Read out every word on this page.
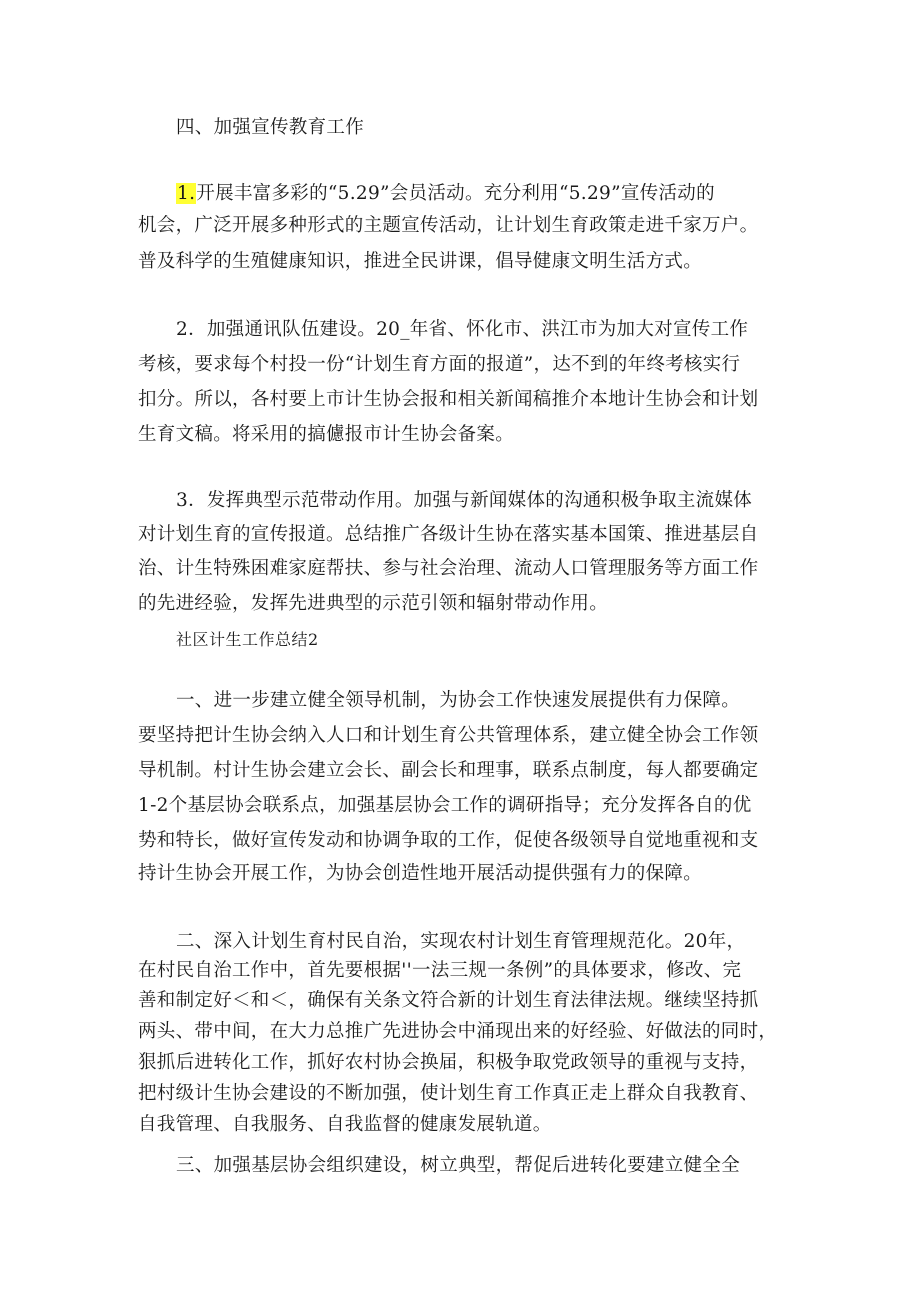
四、加强宣传教育工作
1.开展丰富多彩的“5.29”会员活动。充分利用“5.29”宣传活动的
机会，广泛开展多种形式的主题宣传活动，让计划生育政策走进千家万户。
普及科学的生殖健康知识，推进全民讲课，倡导健康文明生活方式。
2．加强通讯队伍建设。20_年省、怀化市、洪江市为加大对宣传工作
考核，要求每个村投一份“计划生育方面的报道”，达不到的年终考核实行
扣分。所以，各村要上市计生协会报和相关新闻稿推介本地计生协会和计划
生育文稿。将采用的搞儢报市计生协会备案。
3．发挥典型示范带动作用。加强与新闻媒体的沟通积极争取主流媒体
对计划生育的宣传报道。总结推广各级计生协在落实基本国策、推进基层自
治、计生特殊困难家庭帮扶、参与社会治理、流动人口管理服务等方面工作
的先进经验，发挥先进典型的示范引领和辐射带动作用。
社区计生工作总结2
一、进一步建立健全领导机制，为协会工作快速发展提供有力保障。
要坚持把计生协会纳入人口和计划生育公共管理体系，建立健全协会工作领
导机制。村计生协会建立会长、副会长和理事，联系点制度，每人都要确定
1-2个基层协会联系点，加强基层协会工作的调研指导；充分发挥各自的优
势和特长，做好宣传发动和协调争取的工作，促使各级领导自觉地重视和支
持计生协会开展工作，为协会创造性地开展活动提供强有力的保障。
二、深入计划生育村民自治，实现农村计划生育管理规范化。20年，
在村民自治工作中，首先要根据''一法三规一条例”的具体要求，修改、完
善和制定好＜和＜，确保有关条文符合新的计划生育法律法规。继续坚持抓
两头、带中间，在大力总推广先进协会中涌现出来的好经验、好做法的同时，
狠抓后进转化工作，抓好农村协会换届，积极争取党政领导的重视与支持，
把村级计生协会建设的不断加强，使计划生育工作真正走上群众自我教育、
自我管理、自我服务、自我监督的健康发展轨道。
三、加强基层协会组织建设，树立典型，帮促后进转化要建立健全全
